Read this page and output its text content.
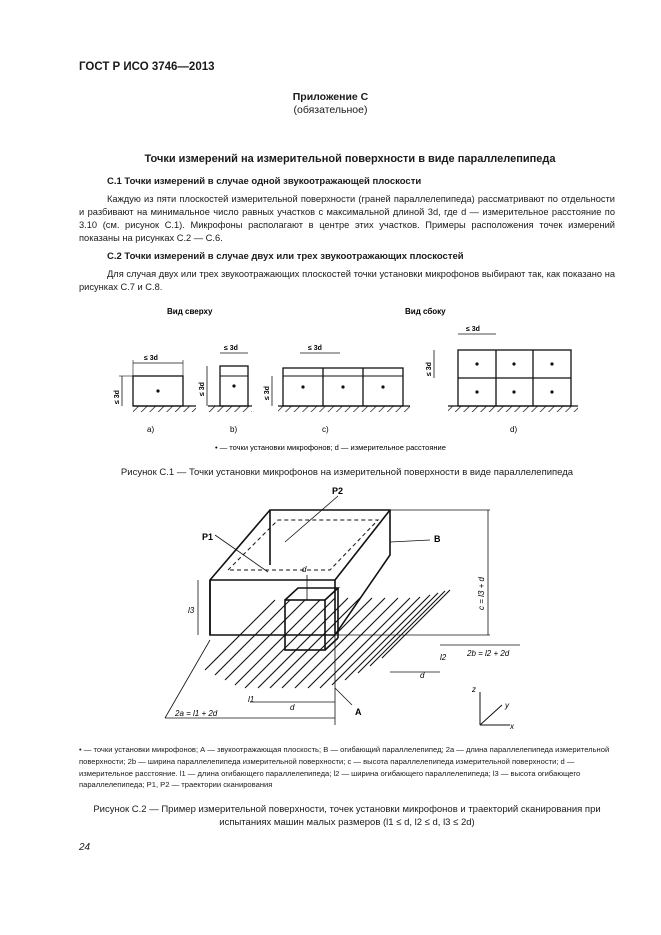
ГОСТ Р ИСО 3746—2013
Приложение С
(обязательное)
Точки измерений на измерительной поверхности в виде параллелепипеда
С.1 Точки измерений в случае одной звукоотражающей плоскости
Каждую из пяти плоскостей измерительной поверхности (граней параллелепипеда) рассматривают по отдельности и разбивают на минимальное число равных участков с максимальной длиной 3d, где d — измерительное расстояние по 3.10 (см. рисунок С.1). Микрофоны располагают в центре этих участков. Примеры расположения точек измерений показаны на рисунках С.2 — С.6.
С.2 Точки измерений в случае двух или трех звукоотражающих плоскостей
Для случая двух или трех звукоотражающих плоскостей точки установки микрофонов выбирают так, как показано на рисунках С.7 и С.8.
Вид сверху	Вид сбоку
≤ 3d
≤ 3d
a)
≤ 3d
≤ 3d
b)
≤ 3d
≤ 3d
c)
≤ 3d
≤ 3d
d)
• — точки установки микрофонов; d — измерительное расстояние
Рисунок С.1 — Точки установки микрофонов на измерительной поверхности в виде параллелепипеда
P2
P1	B
A
d
l3
l2
d
l1
d
c = l3 + d
2b = l2 + 2d
2a = l1 + 2d
z
y
x
• — точки установки микрофонов; А — звукоотражающая плоскость; В — огибающий параллелепипед; 2а — длина параллелепипеда измерительной поверхности; 2b — ширина параллелепипеда измерительной поверхности; с — высота параллелепипеда измерительной поверхности; d — измерительное расстояние. l1 — длина огибающего параллелепипеда; l2 — ширина огибающего параллелепипеда; l3 — высота огибающего параллелепипеда; Р1, Р2 — траектории сканирования
Рисунок С.2 — Пример измерительной поверхности, точек установки микрофонов и траекторий сканирования при испытаниях машин малых размеров (l1 ≤ d, l2 ≤ d, l3 ≤ 2d)
24
